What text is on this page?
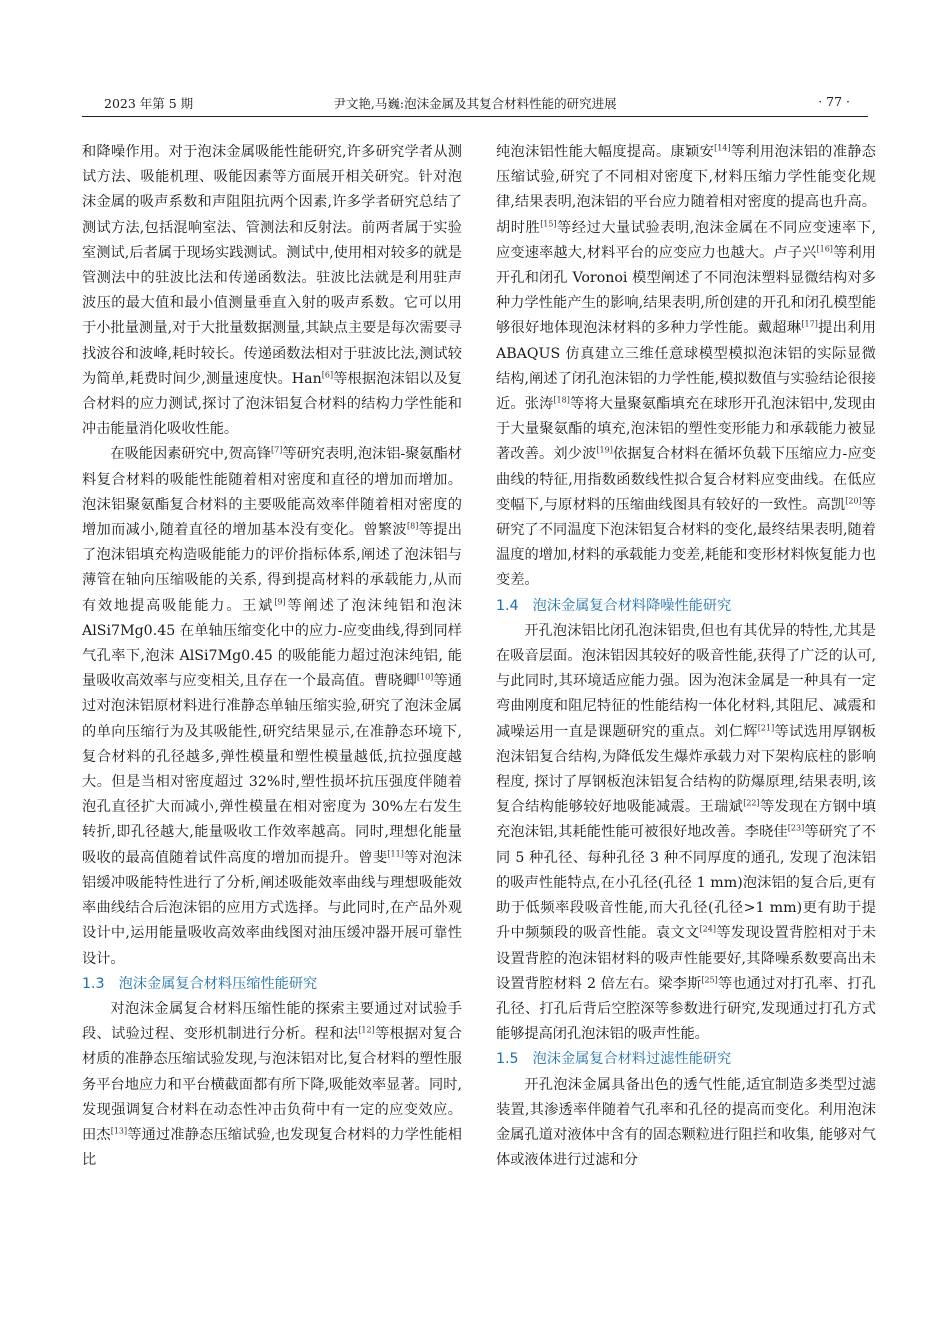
2023 年第 5 期	尹文艳,马巍:泡沫金属及其复合材料性能的研究进展	· 77 ·

和降噪作用。对于泡沫金属吸能性能研究,许多研究学者从测试方法、吸能机理、吸能因素等方面展开相关研究。针对泡沫金属的吸声系数和声阻阻抗两个因素,许多学者研究总结了测试方法,包括混响室法、管测法和反射法。前两者属于实验室测试,后者属于现场实践测试。测试中,使用相对较多的就是管测法中的驻波比法和传递函数法。驻波比法就是利用驻声波压的最大值和最小值测量垂直入射的吸声系数。它可以用于小批量测量,对于大批量数据测量,其缺点主要是每次需要寻找波谷和波峰,耗时较长。传递函数法相对于驻波比法,测试较为简单,耗费时间少,测量速度快。Han[6]等根据泡沫铝以及复合材料的应力测试,探讨了泡沫铝复合材料的结构力学性能和冲击能量消化吸收性能。

在吸能因素研究中,贺高锋[7]等研究表明,泡沫铝-聚氨酯材料复合材料的吸能性能随着相对密度和直径的增加而增加。泡沫铝聚氨酯复合材料的主要吸能高效率伴随着相对密度的增加而减小,随着直径的增加基本没有变化。曾繁波[8]等提出了泡沫铝填充构造吸能能力的评价指标体系,阐述了泡沫铝与薄管在轴向压缩吸能的关系, 得到提高材料的承载能力,从而有效地提高吸能能力。王斌[9]等阐述了泡沫纯铝和泡沫 AlSi7Mg0.45 在单轴压缩变化中的应力-应变曲线,得到同样气孔率下,泡沫 AlSi7Mg0.45 的吸能能力超过泡沫纯铝, 能量吸收高效率与应变相关,且存在一个最高值。曹晓卿[10]等通过对泡沫铝原材料进行准静态单轴压缩实验,研究了泡沫金属的单向压缩行为及其吸能性,研究结果显示,在准静态环境下,复合材料的孔径越多,弹性模量和塑性模量越低,抗拉强度越大。但是当相对密度超过 32%时,塑性损坏抗压强度伴随着泡孔直径扩大而减小,弹性模量在相对密度为 30%左右发生转折,即孔径越大,能量吸收工作效率越高。同时,理想化能量吸收的最高值随着试件高度的增加而提升。曾斐[11]等对泡沫铝缓冲吸能特性进行了分析,阐述吸能效率曲线与理想吸能效率曲线结合后泡沫铝的应用方式选择。与此同时,在产品外观设计中,运用能量吸收高效率曲线图对油压缓冲器开展可靠性设计。

1.3 泡沫金属复合材料压缩性能研究

对泡沫金属复合材料压缩性能的探索主要通过对试验手段、试验过程、变形机制进行分析。程和法[12]等根据对复合材质的准静态压缩试验发现,与泡沫铝对比,复合材料的塑性服务平台地应力和平台横截面都有所下降,吸能效率显著。同时,发现强调复合材料在动态性冲击负荷中有一定的应变效应。田杰[13]等通过准静态压缩试验,也发现复合材料的力学性能相比

纯泡沫铝性能大幅度提高。康颖安[14]等利用泡沫铝的准静态压缩试验,研究了不同相对密度下,材料压缩力学性能变化规律,结果表明,泡沫铝的平台应力随着相对密度的提高也升高。胡时胜[15]等经过大量试验表明,泡沫金属在不同应变速率下,应变速率越大,材料平台的应变应力也越大。卢子兴[16]等利用开孔和闭孔 Voronoi 模型阐述了不同泡沫塑料显微结构对多种力学性能产生的影响,结果表明,所创建的开孔和闭孔模型能够很好地体现泡沫材料的多种力学性能。戴超琳[17]提出利用 ABAQUS 仿真建立三维任意球模型模拟泡沫铝的实际显微结构,阐述了闭孔泡沫铝的力学性能,模拟数值与实验结论很接近。张涛[18]等将大量聚氨酯填充在球形开孔泡沫铝中,发现由于大量聚氨酯的填充,泡沫铝的塑性变形能力和承载能力被显著改善。刘少波[19]依据复合材料在循坏负载下压缩应力-应变曲线的特征,用指数函数线性拟合复合材料应变曲线。在低应变幅下,与原材料的压缩曲线图具有较好的一致性。高凯[20]等研究了不同温度下泡沫铝复合材料的变化,最终结果表明,随着温度的增加,材料的承载能力变差,耗能和变形材料恢复能力也变差。

1.4 泡沫金属复合材料降噪性能研究

开孔泡沫铝比闭孔泡沫铝贵,但也有其优异的特性,尤其是在吸音层面。泡沫铝因其较好的吸音性能,获得了广泛的认可,与此同时,其环境适应能力强。因为泡沫金属是一种具有一定弯曲刚度和阻尼特征的性能结构一体化材料,其阻尼、减震和减噪运用一直是课题研究的重点。刘仁辉[21]等试选用厚钢板泡沫铝复合结构,为降低发生爆炸承载力对下架构底柱的影响程度, 探讨了厚钢板泡沫铝复合结构的防爆原理,结果表明,该复合结构能够较好地吸能减震。王瑞斌[22]等发现在方钢中填充泡沫铝,其耗能性能可被很好地改善。李晓佳[23]等研究了不同 5 种孔径、每种孔径 3 种不同厚度的通孔, 发现了泡沫铝的吸声性能特点,在小孔径(孔径 1 mm)泡沫铝的复合后,更有助于低频率段吸音性能,而大孔径(孔径>1 mm)更有助于提升中频频段的吸音性能。袁文文[24]等发现设置背腔相对于未设置背腔的泡沫铝材料的吸声性能要好,其降噪系数要高出未设置背腔材料 2 倍左右。梁李斯[25]等也通过对打孔率、打孔孔径、打孔后背后空腔深等参数进行研究,发现通过打孔方式能够提高闭孔泡沫铝的吸声性能。

1.5 泡沫金属复合材料过滤性能研究

开孔泡沫金属具备出色的透气性能,适宜制造多类型过滤装置,其渗透率伴随着气孔率和孔径的提高而变化。利用泡沫金属孔道对液体中含有的固态颗粒进行阻拦和收集, 能够对气体或液体进行过滤和分
